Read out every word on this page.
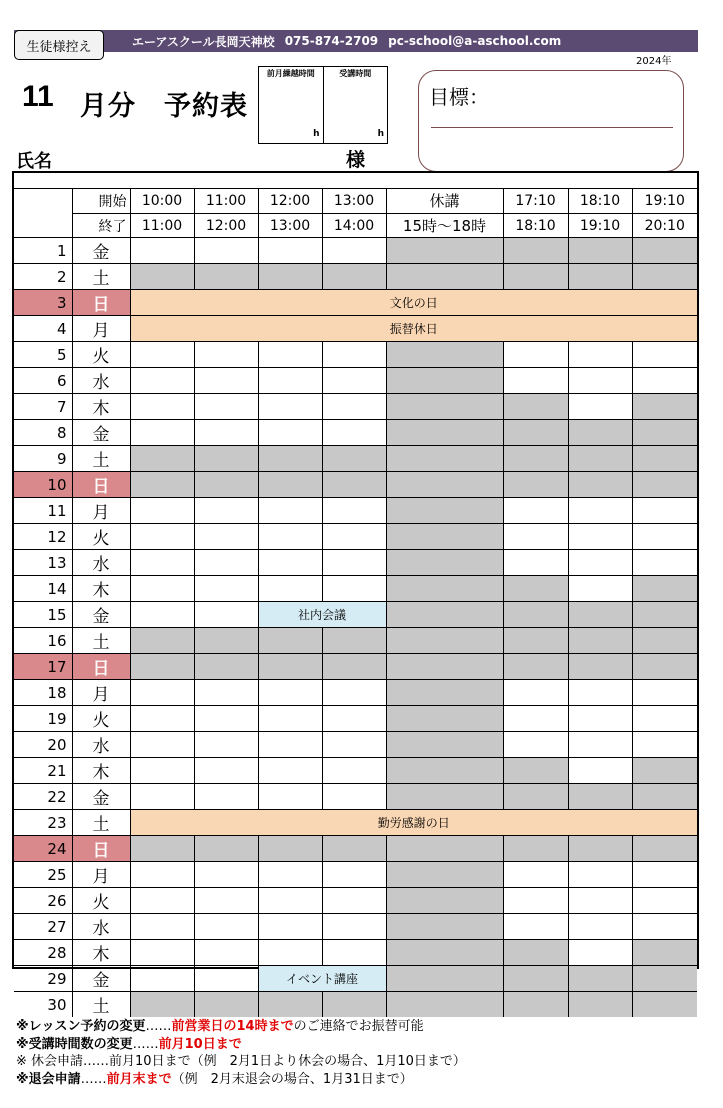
生徒様控え	エーアスクール長岡天神校 075-874-2709 pc-school@a-aschool.com
2024年
11 月分　予約表
前月繰越時間
h
受講時間
h
氏名	様
目標：
	開始	10:00	11:00	12:00	13:00	休講	17:10	18:10	19:10
	終了	11:00	12:00	13:00	14:00	15時～18時	18:10	19:10	20:10
1	金								
2	土								
3	日	文化の日							
4	月	振替休日							
5	火								
6	水								
7	木								
8	金								
9	土								
10	日								
11	月								
12	火								
13	水								
14	木								
15	金			社内会議					
16	土								
17	日								
18	月								
19	火								
20	水								
21	木								
22	金								
23	土	勤労感謝の日							
24	日								
25	月								
26	火								
27	水								
28	木								
29	金			イベント講座					
30	土								
※レッスン予約の変更……前営業日の14時までのご連絡でお振替可能
※受講時間数の変更……前月10日まで
※ 休会申請……前月10日まで（例　2月1日より休会の場合、1月10日まで）
※退会申請……前月末まで（例　2月末退会の場合、1月31日まで）
